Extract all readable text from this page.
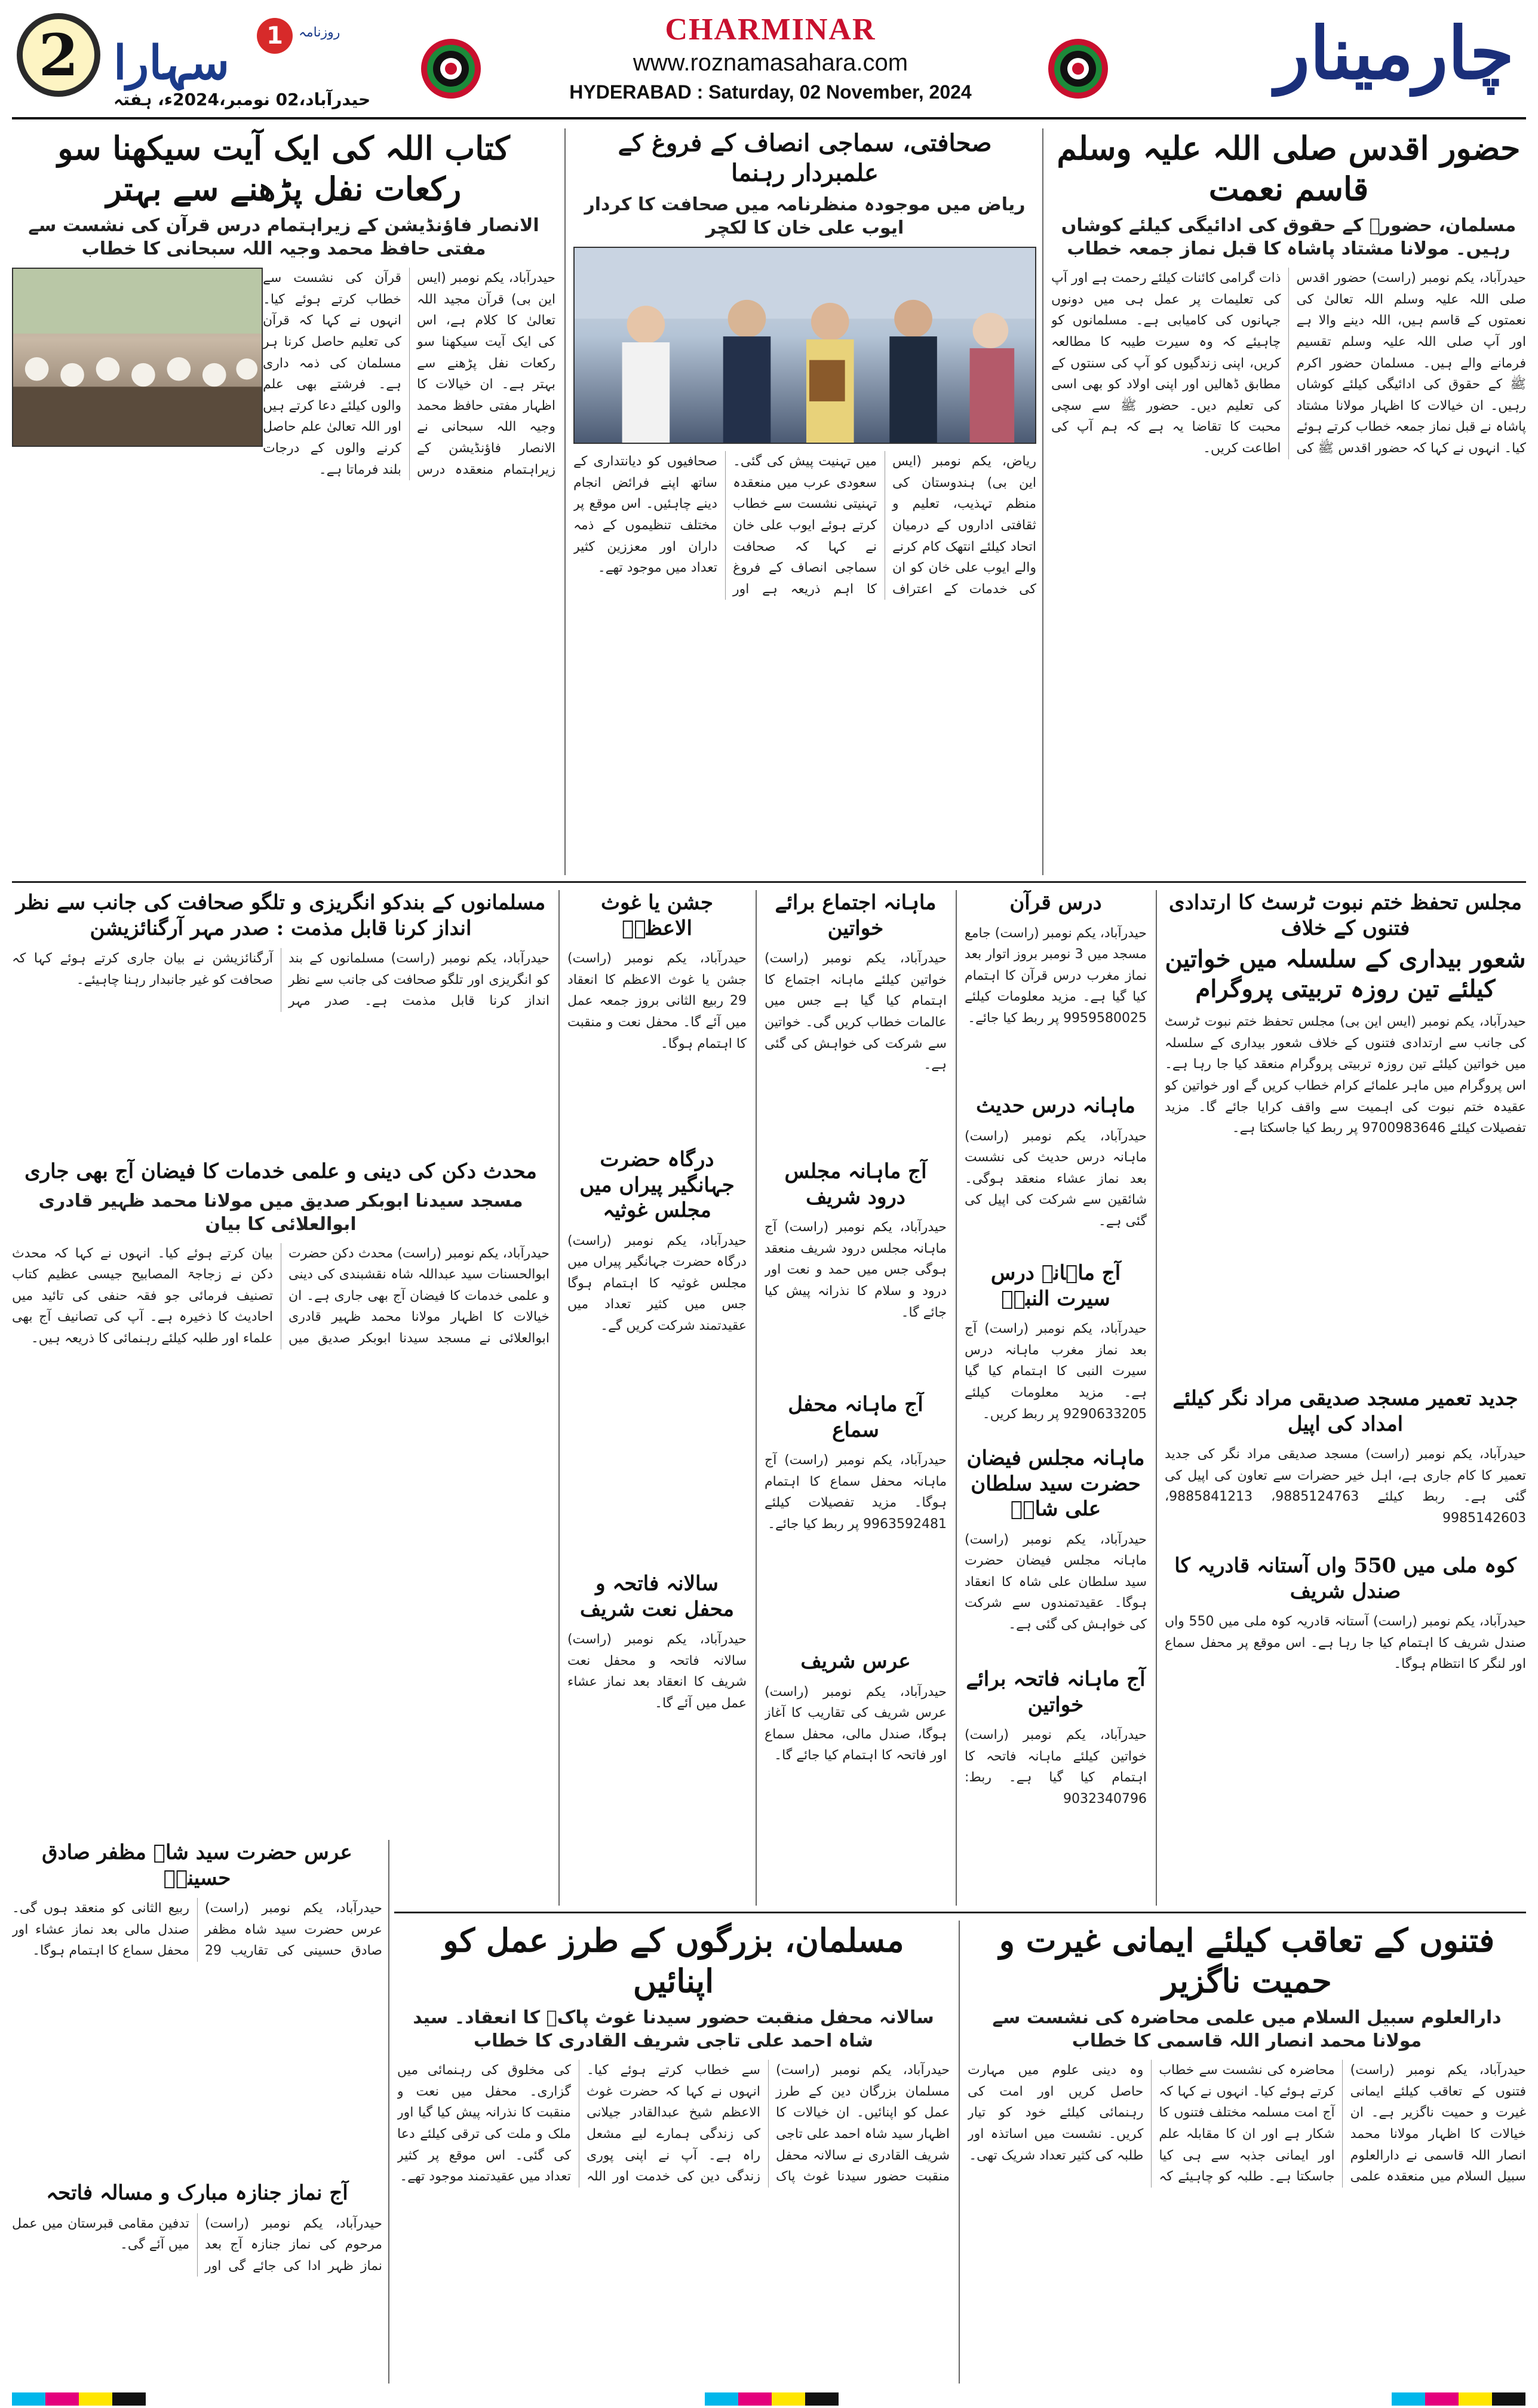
2 سہارا	1	روزنامہ
حیدرآباد،02 نومبر،2024ء، ہفتہ
CHARMINAR
www.roznamasahara.com
HYDERABAD : Saturday, 02 November, 2024	چارمینار
حضور اقدس صلی اللہ علیہ وسلم قاسم نعمت
مسلمان، حضورؐ کے حقوق کی ادائیگی کیلئے کوشاں رہیں۔ مولانا مشتاد پاشاہ کا قبل نماز جمعہ خطاب
حیدرآباد، یکم نومبر (راست) حضور اقدس صلی اللہ علیہ وسلم اللہ تعالیٰ کی نعمتوں کے قاسم ہیں، اللہ دینے والا ہے اور آپ صلی اللہ علیہ وسلم تقسیم فرمانے والے ہیں۔ مسلمان حضور اکرم ﷺ کے حقوق کی ادائیگی کیلئے کوشاں رہیں۔ ان خیالات کا اظہار مولانا مشتاد پاشاہ نے قبل نماز جمعہ خطاب کرتے ہوئے کیا۔ انہوں نے کہا کہ حضور اقدس ﷺ کی ذات گرامی کائنات کیلئے رحمت ہے اور آپ کی تعلیمات پر عمل ہی میں دونوں جہانوں کی کامیابی ہے۔ مسلمانوں کو چاہیئے کہ وہ سیرت طیبہ کا مطالعہ کریں، اپنی زندگیوں کو آپ کی سنتوں کے مطابق ڈھالیں اور اپنی اولاد کو بھی اسی کی تعلیم دیں۔ حضور ﷺ سے سچی محبت کا تقاضا یہ ہے کہ ہم آپ کی اطاعت کریں۔
صحافتی، سماجی انصاف کے فروغ کے علمبردار رہنما
ریاض میں موجودہ منظرنامہ میں صحافت کا کردار ایوب علی خان کا لکچر
ریاض، یکم نومبر (ایس این بی) ہندوستان کی منظم تہذیب، تعلیم و ثقافتی اداروں کے درمیان اتحاد کیلئے انتھک کام کرنے والے ایوب علی خان کو ان کی خدمات کے اعتراف میں تہنیت پیش کی گئی۔ سعودی عرب میں منعقدہ تہنیتی نشست سے خطاب کرتے ہوئے ایوب علی خان نے کہا کہ صحافت سماجی انصاف کے فروغ کا اہم ذریعہ ہے اور صحافیوں کو دیانتداری کے ساتھ اپنے فرائض انجام دینے چاہئیں۔ اس موقع پر مختلف تنظیموں کے ذمہ داران اور معززین کثیر تعداد میں موجود تھے۔
کتاب اللہ کی ایک آیت سیکھنا سو رکعات نفل پڑھنے سے بہتر
الانصار فاؤنڈیشن کے زیراہتمام درس قرآن کی نشست سے مفتی حافظ محمد وجیہ اللہ سبحانی کا خطاب
حیدرآباد، یکم نومبر (ایس این بی) قرآن مجید اللہ تعالیٰ کا کلام ہے، اس کی ایک آیت سیکھنا سو رکعات نفل پڑھنے سے بہتر ہے۔ ان خیالات کا اظہار مفتی حافظ محمد وجیہ اللہ سبحانی نے الانصار فاؤنڈیشن کے زیراہتمام منعقدہ درس قرآن کی نشست سے خطاب کرتے ہوئے کیا۔ انہوں نے کہا کہ قرآن کی تعلیم حاصل کرنا ہر مسلمان کی ذمہ داری ہے۔ فرشتے بھی علم والوں کیلئے دعا کرتے ہیں اور اللہ تعالیٰ علم حاصل کرنے والوں کے درجات بلند فرماتا ہے۔
مجلس تحفظ ختم نبوت ٹرسٹ کا ارتدادی فتنوں کے خلاف
شعور بیداری کے سلسلہ میں خواتین کیلئے تین روزہ تربیتی پروگرام
حیدرآباد، یکم نومبر (ایس این بی) مجلس تحفظ ختم نبوت ٹرسٹ کی جانب سے ارتدادی فتنوں کے خلاف شعور بیداری کے سلسلہ میں خواتین کیلئے تین روزہ تربیتی پروگرام منعقد کیا جا رہا ہے۔ اس پروگرام میں ماہر علمائے کرام خطاب کریں گے اور خواتین کو عقیدہ ختم نبوت کی اہمیت سے واقف کرایا جائے گا۔ مزید تفصیلات کیلئے 9700983646 پر ربط کیا جاسکتا ہے۔
جدید تعمیر مسجد صدیقی مراد نگر کیلئے امداد کی اپیل
حیدرآباد، یکم نومبر (راست) مسجد صدیقی مراد نگر کی جدید تعمیر کا کام جاری ہے، اہل خیر حضرات سے تعاون کی اپیل کی گئی ہے۔ ربط کیلئے 9885124763، 9885841213، 9985142603
کوہ ملی میں 550 واں آستانہ قادریہ کا صندل شریف
حیدرآباد، یکم نومبر (راست) آستانہ قادریہ کوہ ملی میں 550 واں صندل شریف کا اہتمام کیا جا رہا ہے۔ اس موقع پر محفل سماع اور لنگر کا انتظام ہوگا۔
درس قرآن
حیدرآباد، یکم نومبر (راست) جامع مسجد میں 3 نومبر بروز اتوار بعد نماز مغرب درس قرآن کا اہتمام کیا گیا ہے۔ مزید معلومات کیلئے 9959580025 پر ربط کیا جائے۔
ماہانہ درس حدیث
حیدرآباد، یکم نومبر (راست) ماہانہ درس حدیث کی نشست بعد نماز عشاء منعقد ہوگی۔ شائقین سے شرکت کی اپیل کی گئی ہے۔
آج ماہانہ درس سیرت النبیؐ
حیدرآباد، یکم نومبر (راست) آج بعد نماز مغرب ماہانہ درس سیرت النبی کا اہتمام کیا گیا ہے۔ مزید معلومات کیلئے 9290633205 پر ربط کریں۔
ماہانہ مجلس فیضان حضرت سید سلطان علی شاہؒ
حیدرآباد، یکم نومبر (راست) ماہانہ مجلس فیضان حضرت سید سلطان علی شاہ کا انعقاد ہوگا۔ عقیدتمندوں سے شرکت کی خواہش کی گئی ہے۔
آج ماہانہ فاتحہ برائے خواتین
حیدرآباد، یکم نومبر (راست) خواتین کیلئے ماہانہ فاتحہ کا اہتمام کیا گیا ہے۔ ربط: 9032340796
ماہانہ اجتماع برائے خواتین
حیدرآباد، یکم نومبر (راست) خواتین کیلئے ماہانہ اجتماع کا اہتمام کیا گیا ہے جس میں عالمات خطاب کریں گی۔ خواتین سے شرکت کی خواہش کی گئی ہے۔
آج ماہانہ مجلس درود شریف
حیدرآباد، یکم نومبر (راست) آج ماہانہ مجلس درود شریف منعقد ہوگی جس میں حمد و نعت اور درود و سلام کا نذرانہ پیش کیا جائے گا۔
آج ماہانہ محفل سماع
حیدرآباد، یکم نومبر (راست) آج ماہانہ محفل سماع کا اہتمام ہوگا۔ مزید تفصیلات کیلئے 9963592481 پر ربط کیا جائے۔
عرس شریف
حیدرآباد، یکم نومبر (راست) عرس شریف کی تقاریب کا آغاز ہوگا، صندل مالی، محفل سماع اور فاتحہ کا اہتمام کیا جائے گا۔
جشن یا غوث الاعظمؒ
حیدرآباد، یکم نومبر (راست) جشن یا غوث الاعظم کا انعقاد 29 ربیع الثانی بروز جمعہ عمل میں آئے گا۔ محفل نعت و منقبت کا اہتمام ہوگا۔
درگاہ حضرت جہانگیر پیراں میں مجلس غوثیہ
حیدرآباد، یکم نومبر (راست) درگاہ حضرت جہانگیر پیراں میں مجلس غوثیہ کا اہتمام ہوگا جس میں کثیر تعداد میں عقیدتمند شرکت کریں گے۔
سالانہ فاتحہ و محفل نعت شریف
حیدرآباد، یکم نومبر (راست) سالانہ فاتحہ و محفل نعت شریف کا انعقاد بعد نماز عشاء عمل میں آئے گا۔
مسلمانوں کے بندکو انگریزی و تلگو صحافت کی جانب سے نظر انداز کرنا قابل مذمت : صدر مہر آرگنائزیشن
حیدرآباد، یکم نومبر (راست) مسلمانوں کے بند کو انگریزی اور تلگو صحافت کی جانب سے نظر انداز کرنا قابل مذمت ہے۔ صدر مہر آرگنائزیشن نے بیان جاری کرتے ہوئے کہا کہ صحافت کو غیر جانبدار رہنا چاہیئے۔
محدث دکن کی دینی و علمی خدمات کا فیضان آج بھی جاری
مسجد سیدنا ابوبکر صدیق میں مولانا محمد ظہیر قادری ابوالعلائی کا بیان
حیدرآباد، یکم نومبر (راست) محدث دکن حضرت ابوالحسنات سید عبداللہ شاہ نقشبندی کی دینی و علمی خدمات کا فیضان آج بھی جاری ہے۔ ان خیالات کا اظہار مولانا محمد ظہیر قادری ابوالعلائی نے مسجد سیدنا ابوبکر صدیق میں بیان کرتے ہوئے کیا۔ انہوں نے کہا کہ محدث دکن نے زجاجۃ المصابیح جیسی عظیم کتاب تصنیف فرمائی جو فقہ حنفی کی تائید میں احادیث کا ذخیرہ ہے۔ آپ کی تصانیف آج بھی علماء اور طلبہ کیلئے رہنمائی کا ذریعہ ہیں۔
عرس حضرت سید شاہ مظفر صادق حسینیؒ
حیدرآباد، یکم نومبر (راست) عرس حضرت سید شاہ مظفر صادق حسینی کی تقاریب 29 ربیع الثانی کو منعقد ہوں گی۔ صندل مالی بعد نماز عشاء اور محفل سماع کا اہتمام ہوگا۔
آج نماز جنازہ مبارک و مسالہ فاتحہ
حیدرآباد، یکم نومبر (راست) مرحوم کی نماز جنازہ آج بعد نماز ظہر ادا کی جائے گی اور تدفین مقامی قبرستان میں عمل میں آئے گی۔
فتنوں کے تعاقب کیلئے ایمانی غیرت و حمیت ناگزیر
دارالعلوم سبیل السلام میں علمی محاضرہ کی نشست سے مولانا محمد انصار اللہ قاسمی کا خطاب
حیدرآباد، یکم نومبر (راست) فتنوں کے تعاقب کیلئے ایمانی غیرت و حمیت ناگزیر ہے۔ ان خیالات کا اظہار مولانا محمد انصار اللہ قاسمی نے دارالعلوم سبیل السلام میں منعقدہ علمی محاضرہ کی نشست سے خطاب کرتے ہوئے کیا۔ انہوں نے کہا کہ آج امت مسلمہ مختلف فتنوں کا شکار ہے اور ان کا مقابلہ علم اور ایمانی جذبہ سے ہی کیا جاسکتا ہے۔ طلبہ کو چاہیئے کہ وہ دینی علوم میں مہارت حاصل کریں اور امت کی رہنمائی کیلئے خود کو تیار کریں۔ نشست میں اساتذہ اور طلبہ کی کثیر تعداد شریک تھی۔
مسلمان، بزرگوں کے طرز عمل کو اپنائیں
سالانہ محفل منقبت حضور سیدنا غوث پاکؓ کا انعقاد۔ سید شاہ احمد علی تاجی شریف القادری کا خطاب
حیدرآباد، یکم نومبر (راست) مسلمان بزرگان دین کے طرز عمل کو اپنائیں۔ ان خیالات کا اظہار سید شاہ احمد علی تاجی شریف القادری نے سالانہ محفل منقبت حضور سیدنا غوث پاک سے خطاب کرتے ہوئے کیا۔ انہوں نے کہا کہ حضرت غوث الاعظم شیخ عبدالقادر جیلانی کی زندگی ہمارے لیے مشعل راہ ہے۔ آپ نے اپنی پوری زندگی دین کی خدمت اور اللہ کی مخلوق کی رہنمائی میں گزاری۔ محفل میں نعت و منقبت کا نذرانہ پیش کیا گیا اور ملک و ملت کی ترقی کیلئے دعا کی گئی۔ اس موقع پر کثیر تعداد میں عقیدتمند موجود تھے۔
